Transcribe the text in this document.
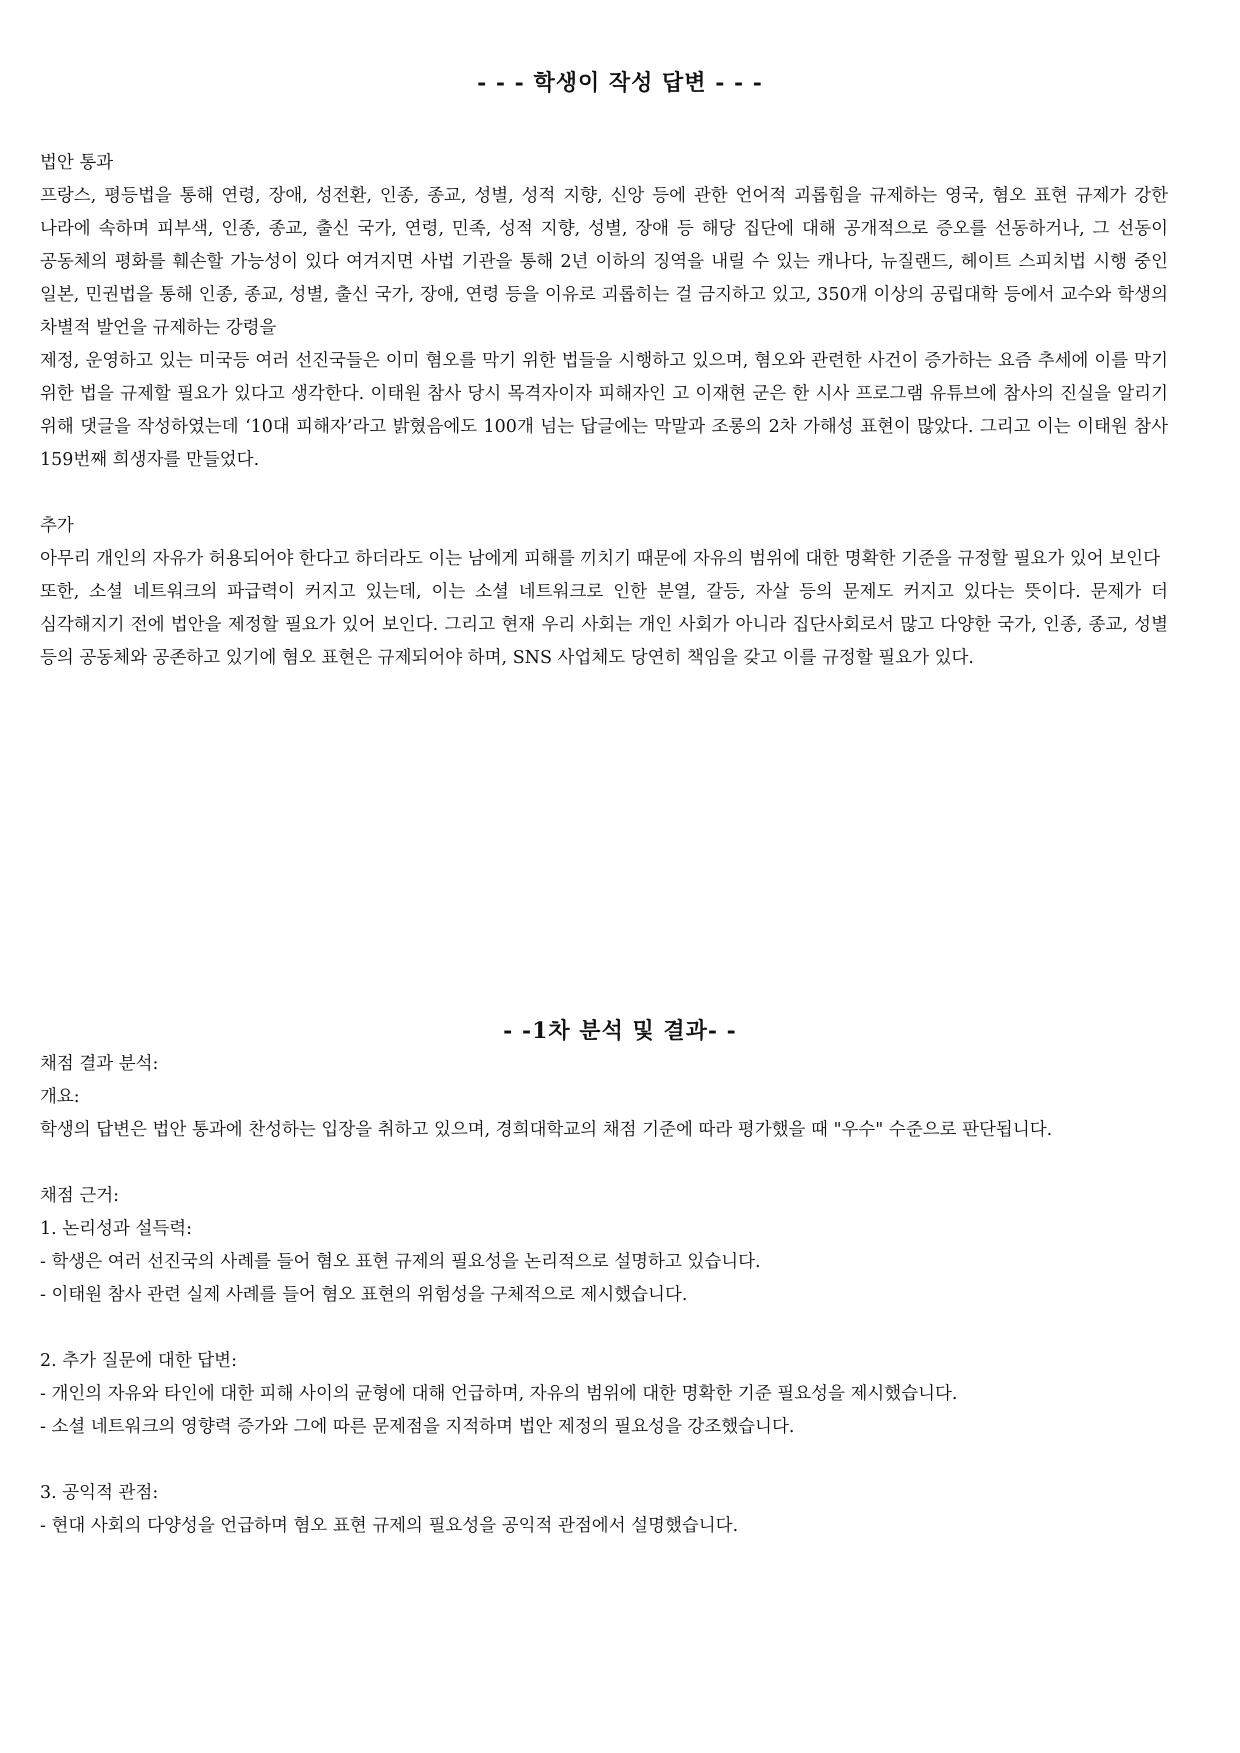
- - - 학생이 작성 답변 - - -

법안 통과

프랑스, 평등법을 통해 연령, 장애, 성전환, 인종, 종교, 성별, 성적 지향, 신앙 등에 관한 언어적 괴롭힘을 규제하는 영국, 혐오 표현 규제가 강한 나라에 속하며 피부색, 인종, 종교, 출신 국가, 연령, 민족, 성적 지향, 성별, 장애 등 해당 집단에 대해 공개적으로 증오를 선동하거나, 그 선동이 공동체의 평화를 훼손할 가능성이 있다 여겨지면 사법 기관을 통해 2년 이하의 징역을 내릴 수 있는 캐나다, 뉴질랜드, 헤이트 스피치법 시행 중인 일본, 민권법을 통해 인종, 종교, 성별, 출신 국가, 장애, 연령 등을 이유로 괴롭히는 걸 금지하고 있고, 350개 이상의 공립대학 등에서 교수와 학생의 차별적 발언을 규제하는 강령을

제정, 운영하고 있는 미국등 여러 선진국들은 이미 혐오를 막기 위한 법들을 시행하고 있으며, 혐오와 관련한 사건이 증가하는 요즘 추세에 이를 막기 위한 법을 규제할 필요가 있다고 생각한다. 이태원 참사 당시 목격자이자 피해자인 고 이재현 군은 한 시사 프로그램 유튜브에 참사의 진실을 알리기 위해 댓글을 작성하였는데 ‘10대 피해자’라고 밝혔음에도 100개 넘는 답글에는 막말과 조롱의 2차 가해성 표현이 많았다. 그리고 이는 이태원 참사 159번째 희생자를 만들었다.

추가

아무리 개인의 자유가 허용되어야 한다고 하더라도 이는 남에게 피해를 끼치기 때문에 자유의 범위에 대한 명확한 기준을 규정할 필요가 있어 보인다

또한, 소셜 네트워크의 파급력이 커지고 있는데, 이는 소셜 네트워크로 인한 분열, 갈등, 자살 등의 문제도 커지고 있다는 뜻이다. 문제가 더 심각해지기 전에 법안을 제정할 필요가 있어 보인다. 그리고 현재 우리 사회는 개인 사회가 아니라 집단사회로서 많고 다양한 국가, 인종, 종교, 성별 등의 공동체와 공존하고 있기에 혐오 표현은 규제되어야 하며, SNS 사업체도 당연히 책임을 갖고 이를 규정할 필요가 있다.

- -1차 분석 및 결과- -

채점 결과 분석:

개요:

학생의 답변은 법안 통과에 찬성하는 입장을 취하고 있으며, 경희대학교의 채점 기준에 따라 평가했을 때 "우수" 수준으로 판단됩니다.

채점 근거:

1. 논리성과 설득력:

- 학생은 여러 선진국의 사례를 들어 혐오 표현 규제의 필요성을 논리적으로 설명하고 있습니다.

- 이태원 참사 관련 실제 사례를 들어 혐오 표현의 위험성을 구체적으로 제시했습니다.

2. 추가 질문에 대한 답변:

- 개인의 자유와 타인에 대한 피해 사이의 균형에 대해 언급하며, 자유의 범위에 대한 명확한 기준 필요성을 제시했습니다.

- 소셜 네트워크의 영향력 증가와 그에 따른 문제점을 지적하며 법안 제정의 필요성을 강조했습니다.

3. 공익적 관점:

- 현대 사회의 다양성을 언급하며 혐오 표현 규제의 필요성을 공익적 관점에서 설명했습니다.
